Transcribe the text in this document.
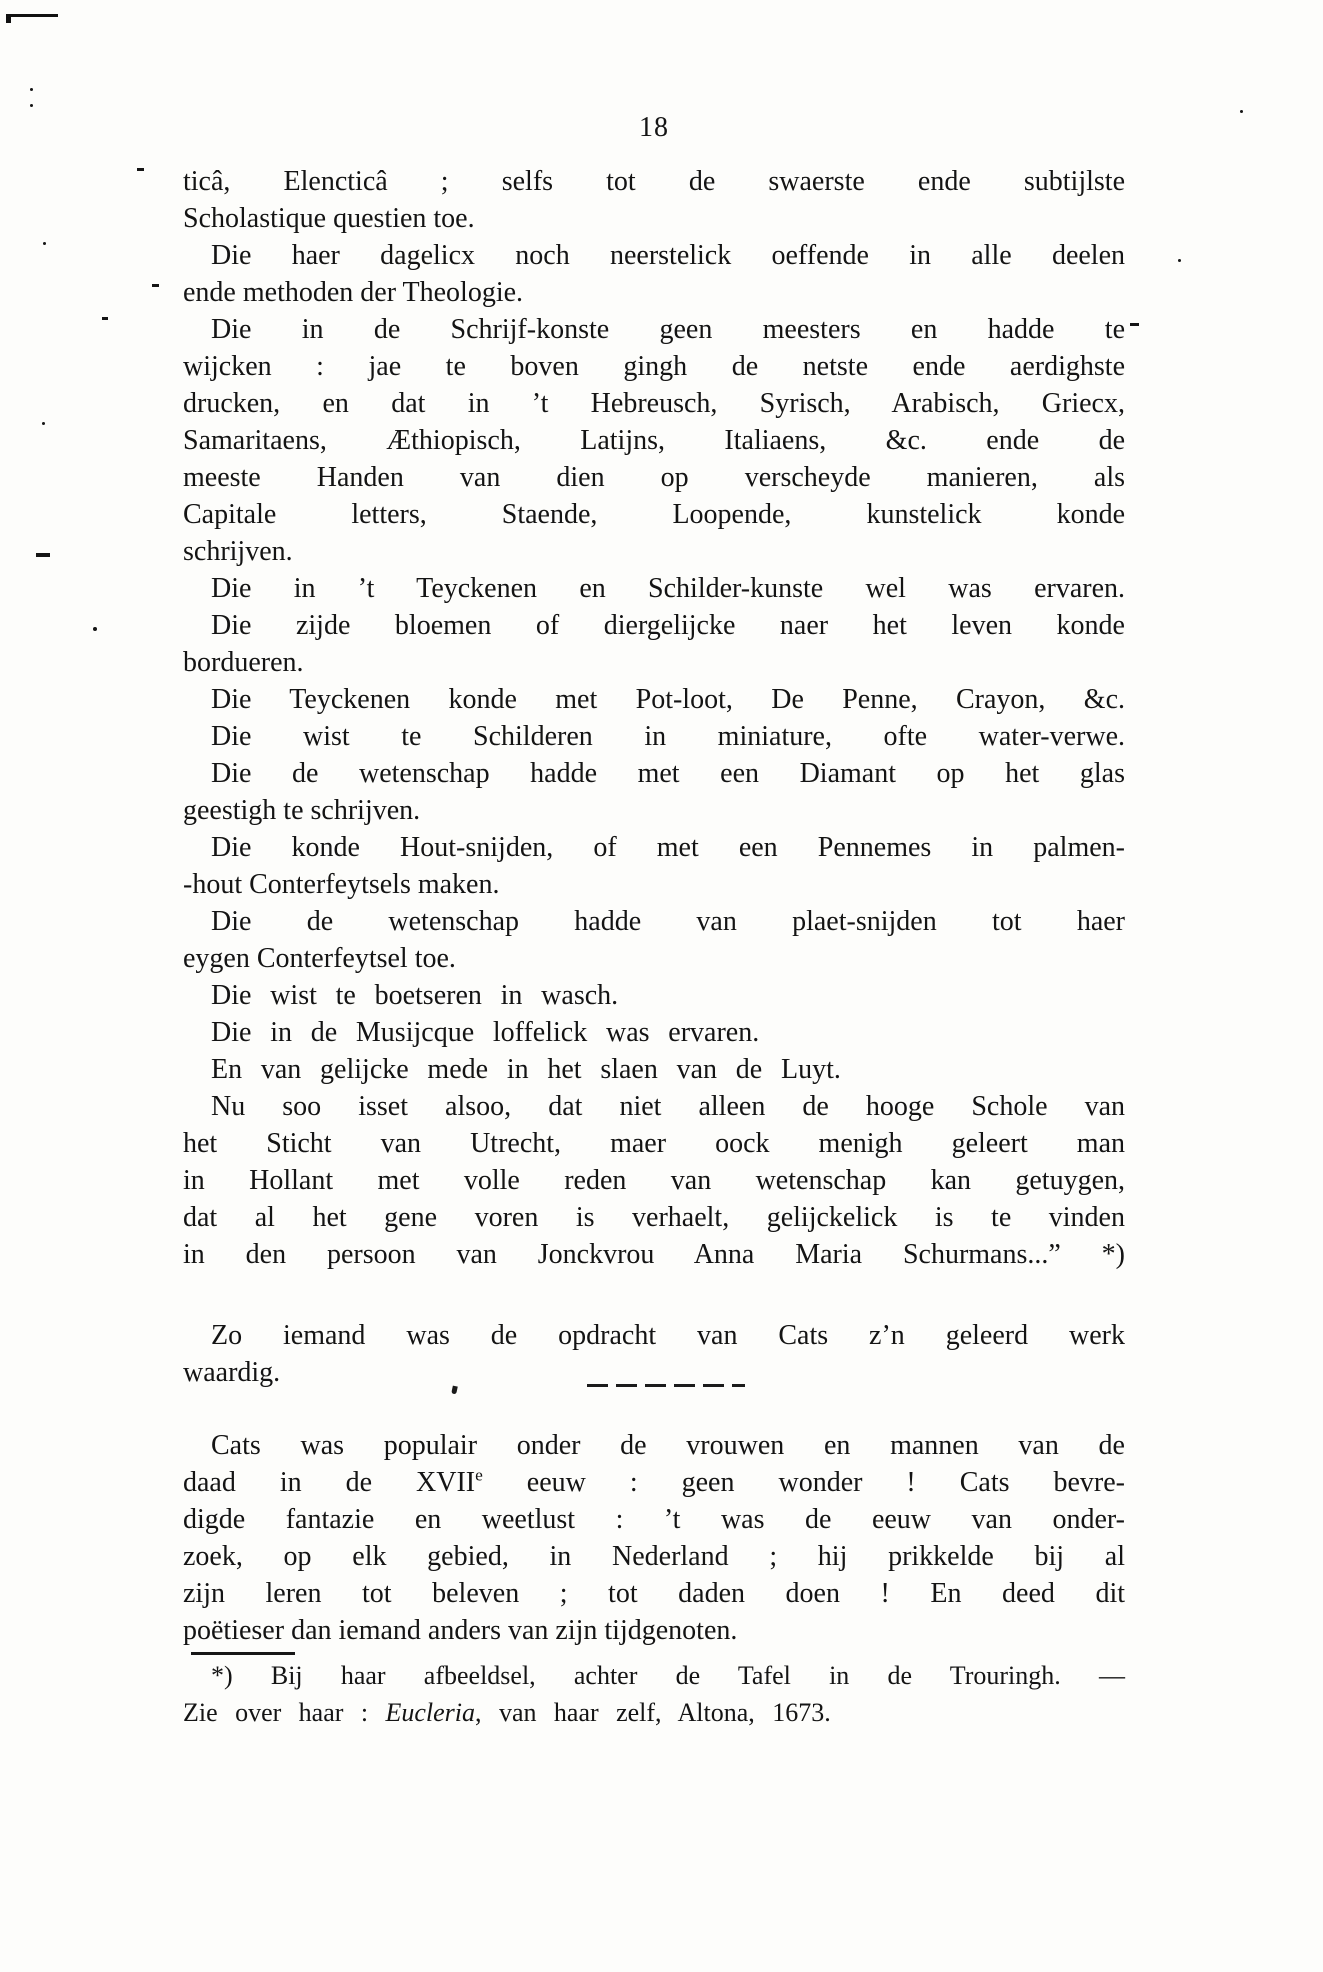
18
ticâ, Elencticâ ; selfs tot de swaerste ende subtijlste
Scholastique questien toe.
Die haer dagelicx noch neerstelick oeffende in alle deelen
ende methoden der Theologie.
Die in de Schrijf-konste geen meesters en hadde te
wijcken : jae te boven gingh de netste ende aerdighste
drucken, en dat in ’t Hebreusch, Syrisch, Arabisch, Griecx,
Samaritaens, Æthiopisch, Latijns, Italiaens, &c. ende de
meeste Handen van dien op verscheyde manieren, als
Capitale letters, Staende, Loopende, kunstelick konde
schrijven.
Die in ’t Teyckenen en Schilder-kunste wel was ervaren.
Die zijde bloemen of diergelijcke naer het leven konde
bordueren.
Die Teyckenen konde met Pot-loot, De Penne, Crayon, &c.
Die wist te Schilderen in miniature, ofte water-verwe.
Die de wetenschap hadde met een Diamant op het glas
geestigh te schrijven.
Die konde Hout-snijden, of met een Pennemes in palmen-
-hout Conterfeytsels maken.
Die de wetenschap hadde van plaet-snijden tot haer
eygen Conterfeytsel toe.
Die wist te boetseren in wasch.
Die in de Musijcque loffelick was ervaren.
En van gelijcke mede in het slaen van de Luyt.
Nu soo isset alsoo, dat niet alleen de hooge Schole van
het Sticht van Utrecht, maer oock menigh geleert man
in Hollant met volle reden van wetenschap kan getuygen,
dat al het gene voren is verhaelt, gelijckelick is te vinden
in den persoon van Jonckvrou Anna Maria Schurmans...” *)
Zo iemand was de opdracht van Cats z’n geleerd werk
waardig.
Cats was populair onder de vrouwen en mannen van de
daad in de XVIIe eeuw : geen wonder ! Cats bevre-
digde fantazie en weetlust : ’t was de eeuw van onder-
zoek, op elk gebied, in Nederland ; hij prikkelde bij al
zijn leren tot beleven ; tot daden doen ! En deed dit
poëtieser dan iemand anders van zijn tijdgenoten.
*) Bij haar afbeeldsel, achter de Tafel in de Trouringh. —
Zie over haar : Eucleria, van haar zelf, Altona, 1673.
